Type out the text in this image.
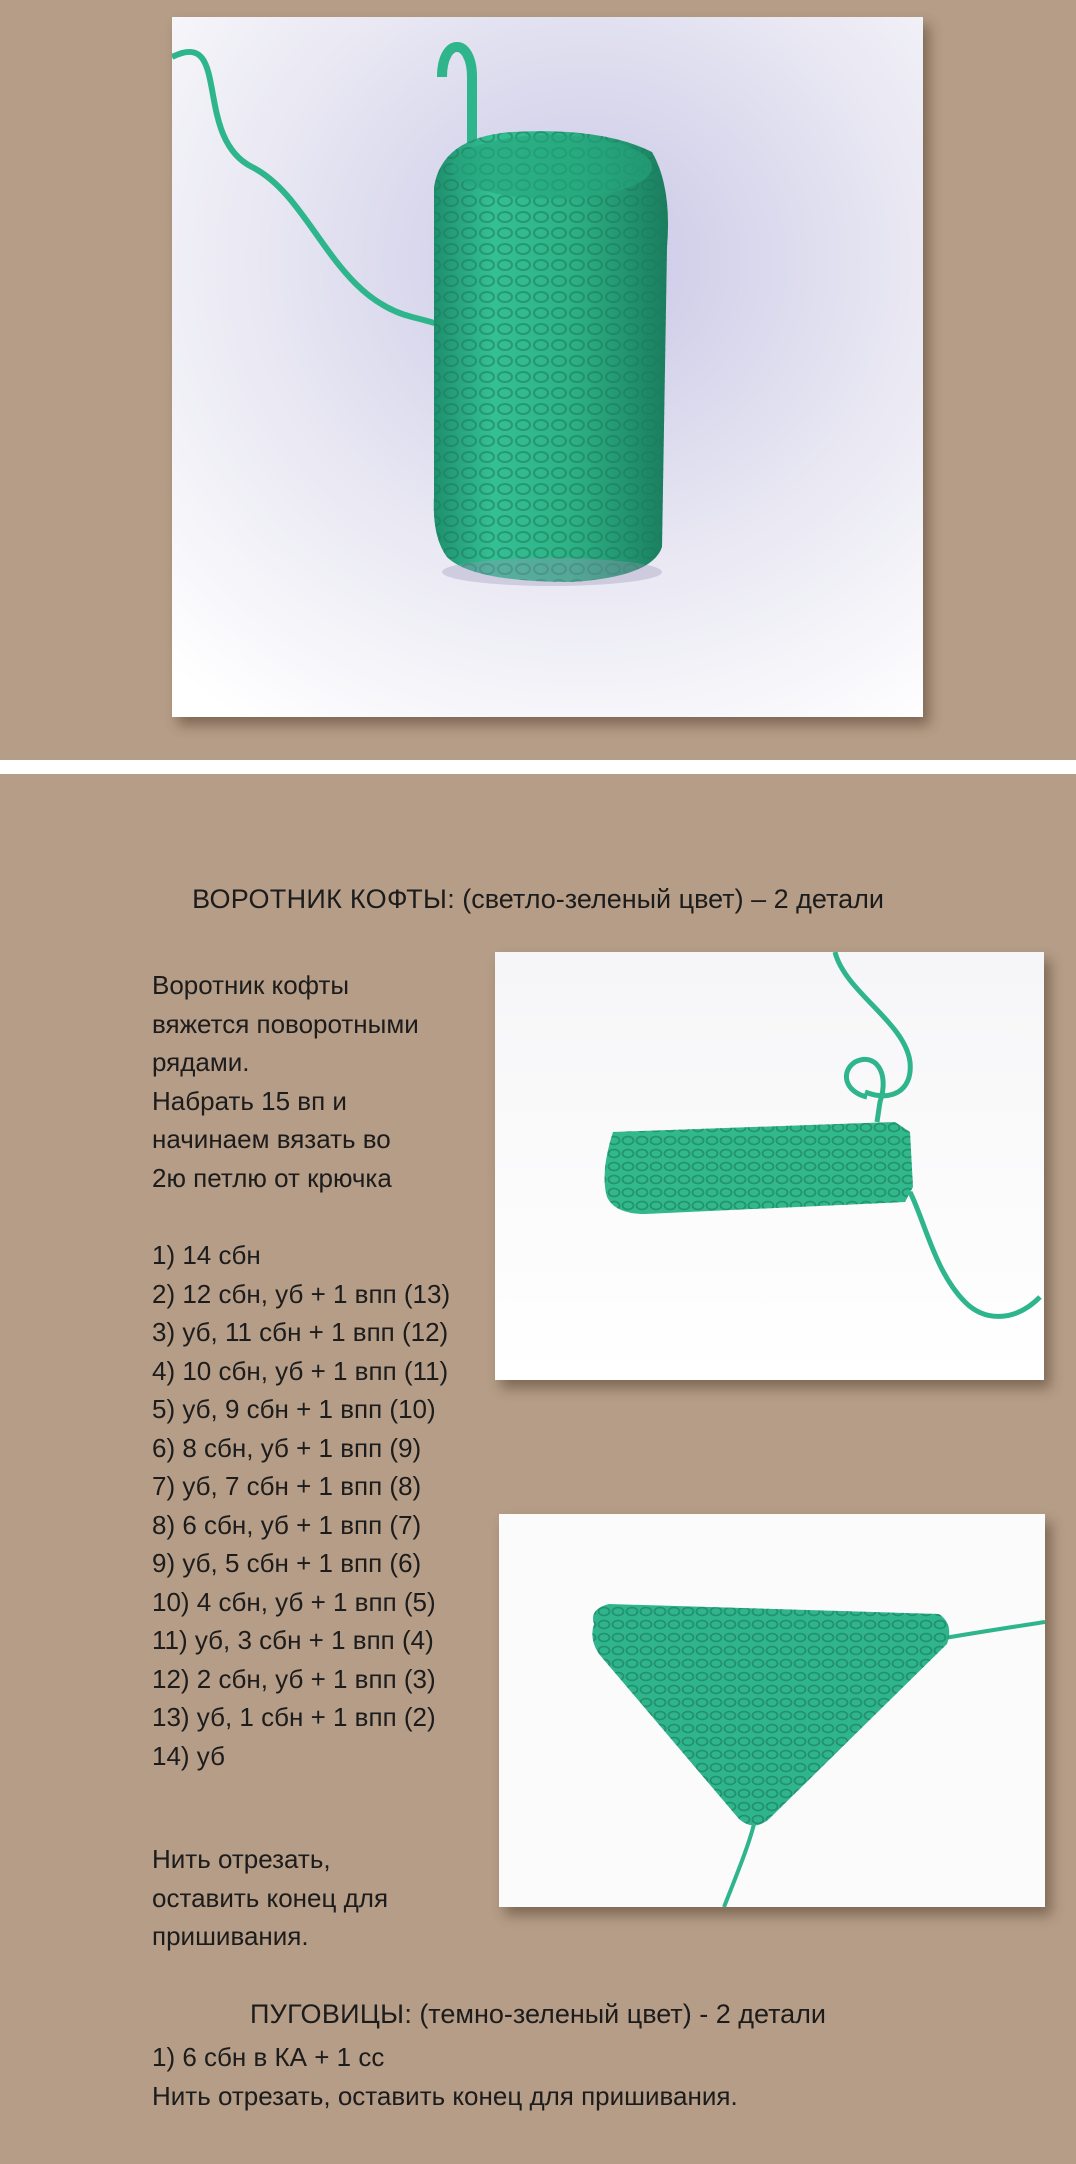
ВОРОТНИК КОФТЫ: (светло-зеленый цвет) – 2 детали
Воротник кофты
вяжется поворотными
рядами.
Набрать 15 вп и
начинаем вязать во
2ю петлю от крючка
1) 14 сбн
2) 12 сбн, уб + 1 впп (13)
3) уб, 11 сбн + 1 впп (12)
4) 10 сбн, уб + 1 впп (11)
5) уб, 9 сбн + 1 впп (10)
6) 8 сбн, уб + 1 впп (9)
7) уб, 7 сбн + 1 впп (8)
8) 6 сбн, уб + 1 впп (7)
9) уб, 5 сбн + 1 впп (6)
10) 4 сбн, уб + 1 впп (5)
11) уб, 3 сбн + 1 впп (4)
12) 2 сбн, уб + 1 впп (3)
13) уб, 1 сбн + 1 впп (2)
14) уб
Нить отрезать,
оставить конец для
пришивания.
ПУГОВИЦЫ: (темно-зеленый цвет) - 2 детали
1) 6 сбн в КА + 1 сс
Нить отрезать, оставить конец для пришивания.
